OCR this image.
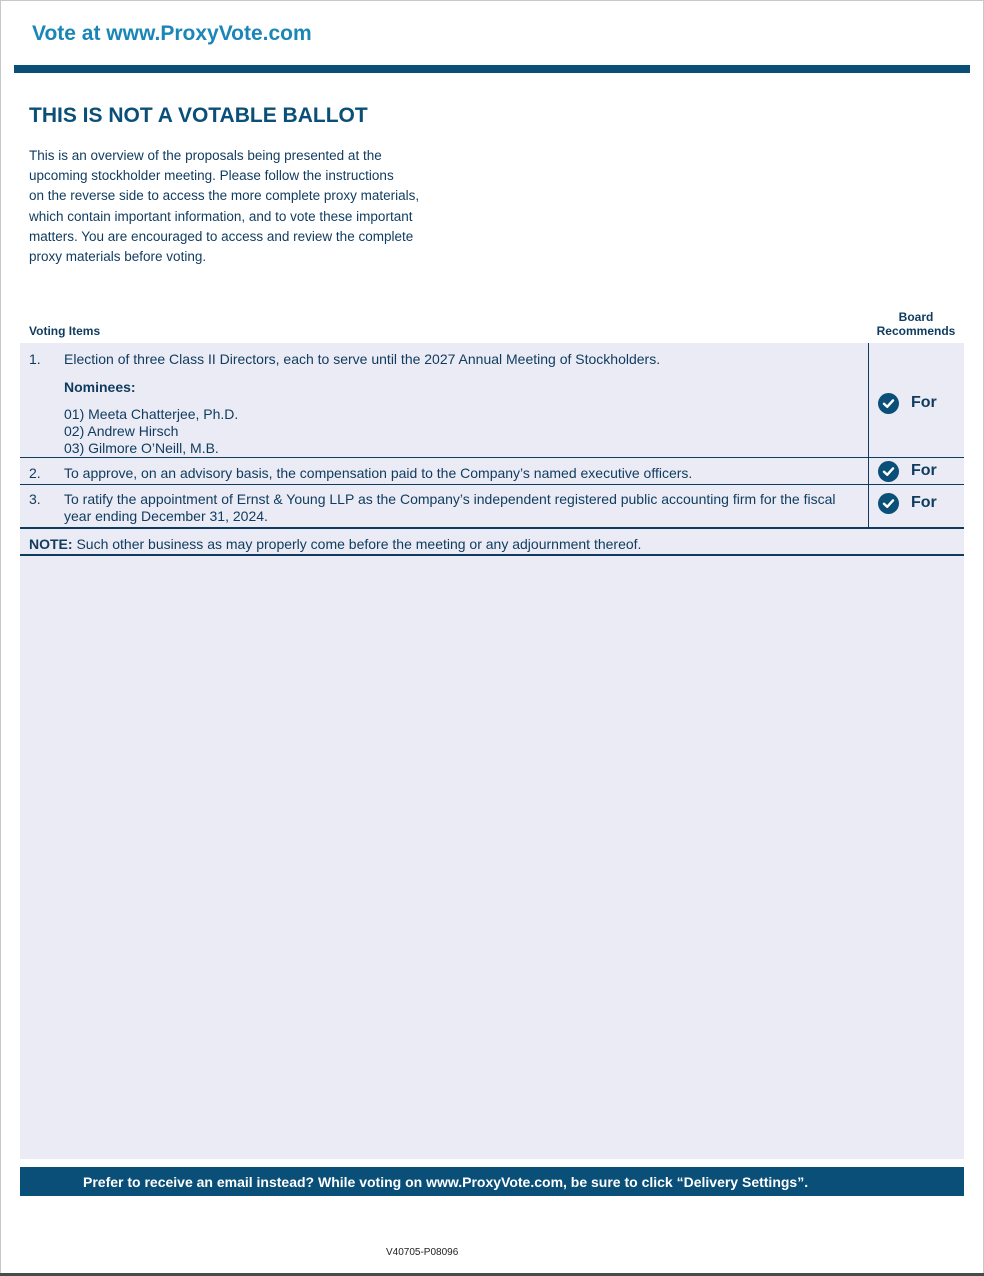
Vote at www.ProxyVote.com
THIS IS NOT A VOTABLE BALLOT
This is an overview of the proposals being presented at the
upcoming stockholder meeting. Please follow the instructions
on the reverse side to access the more complete proxy materials,
which contain important information, and to vote these important
matters. You are encouraged to access and review the complete
proxy materials before voting.
Voting Items
Board
Recommends
1. Election of three Class II Directors, each to serve until the 2027 Annual Meeting of Stockholders.
Nominees:
01) Meeta Chatterjee, Ph.D.
02) Andrew Hirsch
03) Gilmore O’Neill, M.B.
For
2. To approve, on an advisory basis, the compensation paid to the Company’s named executive officers.	For
3. To ratify the appointment of Ernst & Young LLP as the Company’s independent registered public accounting firm for the fiscal year ending December 31, 2024.
For
NOTE: Such other business as may properly come before the meeting or any adjournment thereof.
Prefer to receive an email instead? While voting on www.ProxyVote.com, be sure to click “Delivery Settings”.
V40705-P08096
